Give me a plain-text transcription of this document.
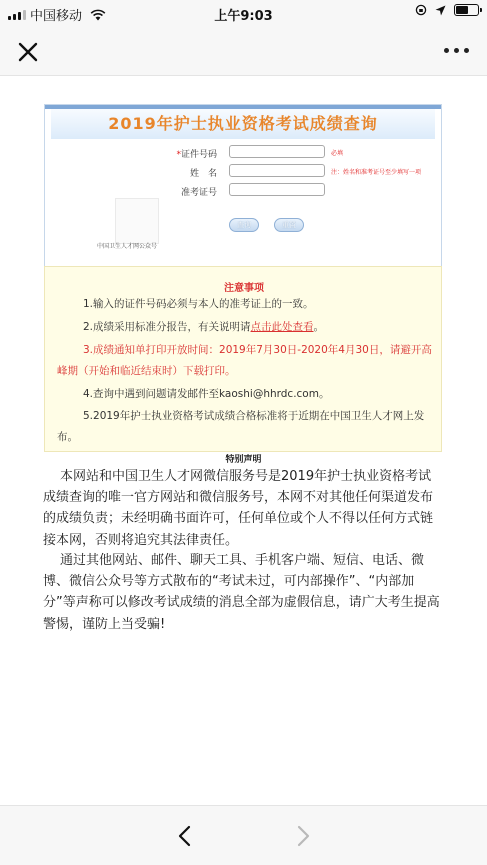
中国移动	上午9:03
2019年护士执业资格考试成绩查询
*证件号码	必填
姓　名	注：姓名和准考证号至少填写一项
准考证号
中国卫生人才网公众号
查询	重置
注意事项
1.输入的证件号码必须与本人的准考证上的一致。
2.成绩采用标准分报告，有关说明请点击此处查看。
3.成绩通知单打印开放时间：2019年7月30日-2020年4月30日，请避开高峰期（开始和临近结束时）下载打印。
4.查询中遇到问题请发邮件至kaoshi@hhrdc.com。
5.2019年护士执业资格考试成绩合格标准将于近期在中国卫生人才网上发布。
特别声明
本网站和中国卫生人才网微信服务号是2019年护士执业资格考试成绩查询的唯一官方网站和微信服务号，本网不对其他任何渠道发布的成绩负责；未经明确书面许可，任何单位或个人不得以任何方式链接本网，否则将追究其法律责任。
通过其他网站、邮件、聊天工具、手机客户端、短信、电话、微博、微信公众号等方式散布的“考试未过，可内部操作”、“内部加分”等声称可以修改考试成绩的消息全部为虚假信息，请广大考生提高警惕，谨防上当受骗!
